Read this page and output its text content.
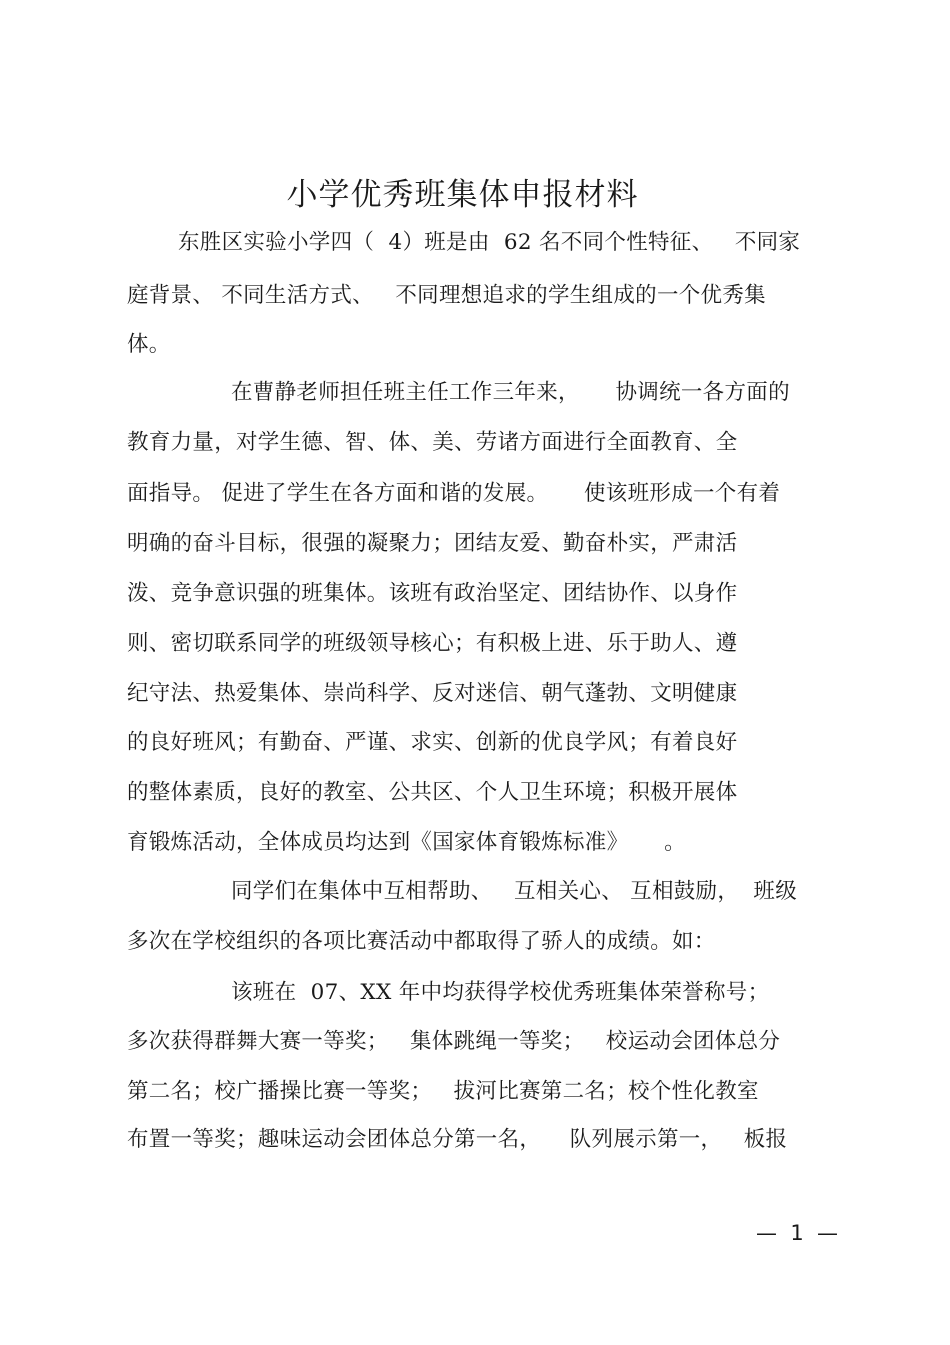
小学优秀班集体申报材料
东胜区实验小学四（  4）班是由  62 名不同个性特征、   不同家
庭背景、 不同生活方式、   不同理想追求的学生组成的一个优秀集
体。
在曹静老师担任班主任工作三年来，     协调统一各方面的
教育力量，对学生德、智、体、美、劳诸方面进行全面教育、全
面指导。 促进了学生在各方面和谐的发展。     使该班形成一个有着
明确的奋斗目标，很强的凝聚力；团结友爱、勤奋朴实，严肃活
泼、竞争意识强的班集体。该班有政治坚定、团结协作、以身作
则、密切联系同学的班级领导核心；有积极上进、乐于助人、遵
纪守法、热爱集体、崇尚科学、反对迷信、朝气蓬勃、文明健康
的良好班风；有勤奋、严谨、求实、创新的优良学风；有着良好
的整体素质，良好的教室、公共区、个人卫生环境；积极开展体
育锻炼活动，全体成员均达到《国家体育锻炼标准》     。
同学们在集体中互相帮助、   互相关心、 互相鼓励，  班级
多次在学校组织的各项比赛活动中都取得了骄人的成绩。如：
该班在  07、XX 年中均获得学校优秀班集体荣誉称号；
多次获得群舞大赛一等奖；   集体跳绳一等奖；   校运动会团体总分
第二名；校广播操比赛一等奖；   拔河比赛第二名；校个性化教室
布置一等奖；趣味运动会团体总分第一名，    队列展示第一，   板报
—  1  —
